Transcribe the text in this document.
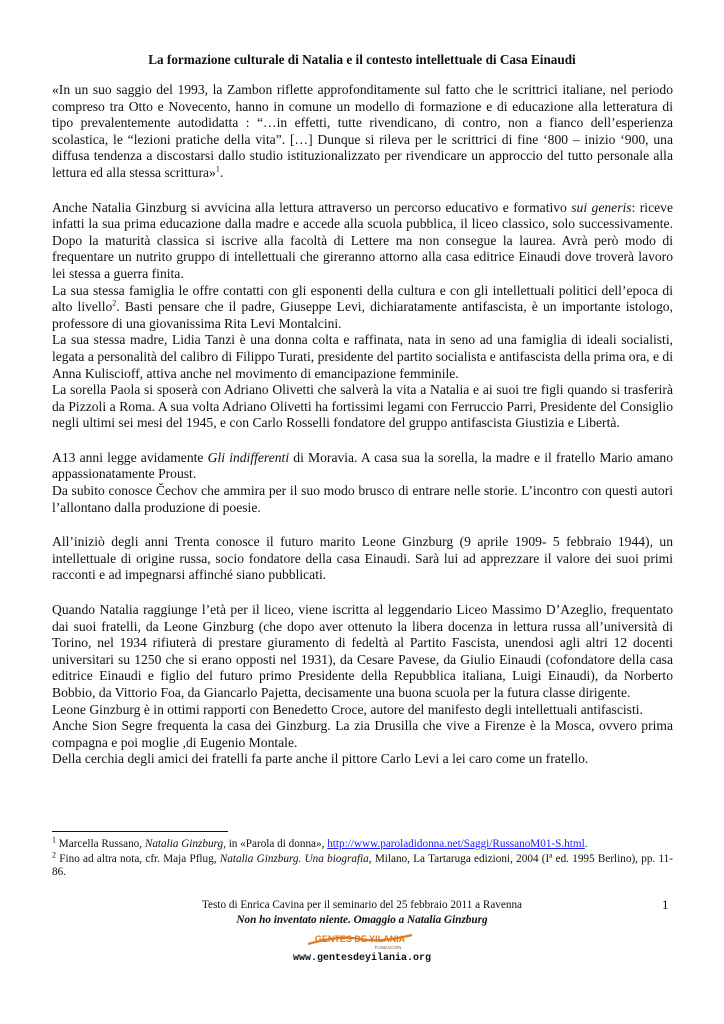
La formazione culturale di Natalia e il contesto intellettuale di Casa Einaudi

«In un suo saggio del 1993, la Zambon riflette approfonditamente sul fatto che le scrittrici italiane, nel periodo compreso tra Otto e Novecento, hanno in comune un modello di formazione e di educazione alla letteratura di tipo prevalentemente autodidatta : “…in effetti, tutte rivendicano, di contro, non a fianco dell’esperienza scolastica, le “lezioni pratiche della vita”. […] Dunque si rileva per le scrittrici di fine ‘800 – inizio ‘900, una diffusa tendenza a discostarsi dallo studio istituzionalizzato per rivendicare un approccio del tutto personale alla lettura ed alla stessa scrittura»$^1$.

Anche Natalia Ginzburg si avvicina alla lettura attraverso un percorso educativo e formativo sui generis: riceve infatti la sua prima educazione dalla madre e accede alla scuola pubblica, il liceo classico, solo successivamente. Dopo la maturità classica si iscrive alla facoltà di Lettere ma non consegue la laurea. Avrà però modo di frequentare un nutrito gruppo di intellettuali che gireranno attorno alla casa editrice Einaudi dove troverà lavoro lei stessa a guerra finita.

La sua stessa famiglia le offre contatti con gli esponenti della cultura e con gli intellettuali politici dell’epoca di alto livello$^2$. Basti pensare che il padre, Giuseppe Levi, dichiaratamente antifascista, è un importante istologo, professore di una giovanissima Rita Levi Montalcini.

La sua stessa madre, Lidia Tanzi è una donna colta e raffinata, nata in seno ad una famiglia di ideali socialisti, legata a personalità del calibro di Filippo Turati, presidente del partito socialista e antifascista della prima ora, e di Anna Kuliscioff, attiva anche nel movimento di emancipazione femminile.

La sorella Paola si sposerà con Adriano Olivetti che salverà la vita a Natalia e ai suoi tre figli quando si trasferirà da Pizzoli a Roma. A sua volta Adriano Olivetti ha fortissimi legami con Ferruccio Parri, Presidente del Consiglio negli ultimi sei mesi del 1945, e con Carlo Rosselli fondatore del gruppo antifascista Giustizia e Libertà.

A13 anni legge avidamente Gli indifferenti di Moravia. A casa sua la sorella, la madre e il fratello Mario amano appassionatamente Proust.

Da subito conosce Čechov che ammira per il suo modo brusco di entrare nelle storie. L’incontro con questi autori l’allontano dalla produzione di poesie.

All’iniziò degli anni Trenta conosce il futuro marito Leone Ginzburg (9 aprile 1909- 5 febbraio 1944), un intellettuale di origine russa, socio fondatore della casa Einaudi. Sarà lui ad apprezzare il valore dei suoi primi racconti e ad impegnarsi affinché siano pubblicati.

Quando Natalia raggiunge l’età per il liceo, viene iscritta al leggendario Liceo Massimo D’Azeglio, frequentato dai suoi fratelli, da Leone Ginzburg (che dopo aver ottenuto la libera docenza in lettura russa all’università di Torino, nel 1934 rifiuterà di prestare giuramento di fedeltà al Partito Fascista, unendosi agli altri 12 docenti universitari su 1250 che si erano opposti nel 1931), da Cesare Pavese, da Giulio Einaudi (cofondatore della casa editrice Einaudi e figlio del futuro primo Presidente della Repubblica italiana, Luigi Einaudi), da Norberto Bobbio, da Vittorio Foa, da Giancarlo Pajetta, decisamente una buona scuola per la futura classe dirigente.

Leone Ginzburg è in ottimi rapporti con Benedetto Croce, autore del manifesto degli intellettuali antifascisti.

Anche Sion Segre frequenta la casa dei Ginzburg. La zia Drusilla che vive a Firenze è la Mosca, ovvero prima compagna e poi moglie ,di Eugenio Montale.

Della cerchia degli amici dei fratelli fa parte anche il pittore Carlo Levi a lei caro come un fratello.

$^1$ Marcella Russano, Natalia Ginzburg, in «Parola di donna», http://www.paroladidonna.net/Saggi/RussanoM01-S.html.

$^2$ Fino ad altra nota, cfr. Maja Pflug, Natalia Ginzburg. Una biografia, Milano, La Tartaruga edizioni, 2004 (Iª ed. 1995 Berlino), pp. 11-86.

Testo di Enrica Cavina per il seminario del 25 febbraio 2011 a Ravenna

Non ho inventato niente. Omaggio a Natalia Ginzburg

1

GENTES DE YILANIA
FUNDACIÓN

www.gentesdeyilania.org
